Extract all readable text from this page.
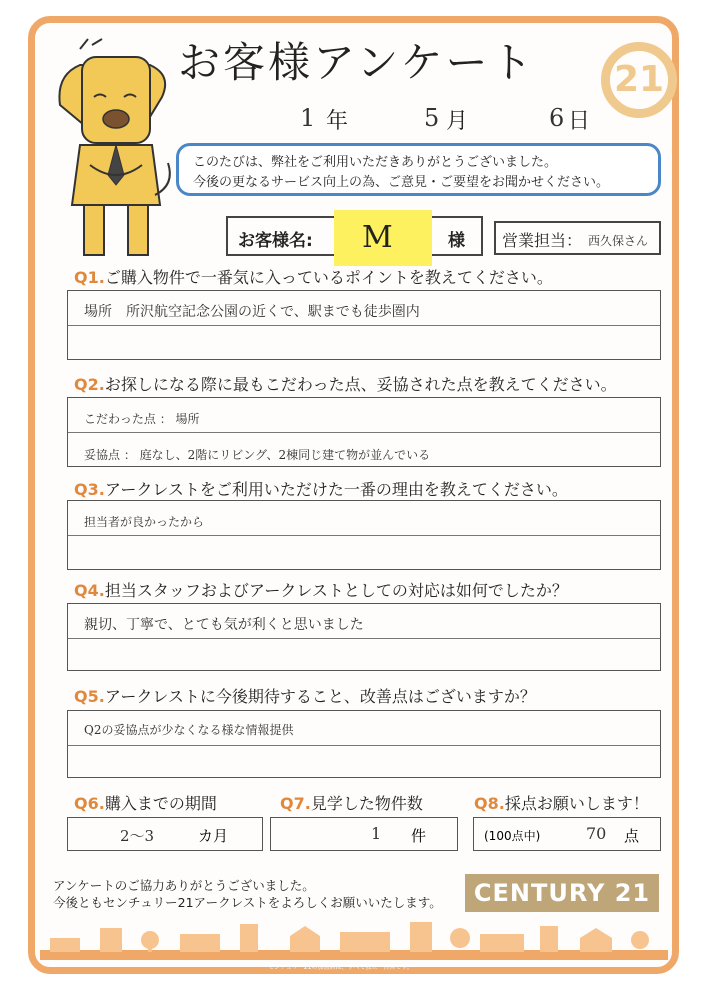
お客様アンケート 21
1 年	5 月	6 日
このたびは、弊社をご利用いただきありがとうございました。
今後の更なるサービス向上の為、ご意見・ご要望をお聞かせください。
お客様名: M	様 営業担当： 西久保さん
Q1.ご購入物件で一番気に入っているポイントを教えてください。
場所　所沢航空記念公園の近くで、駅までも徒歩圏内
Q2.お探しになる際に最もこだわった点、妥協された点を教えてください。
こだわった点 ： 場所
妥協点 ： 庭なし、2階にリビング、2棟同じ建て物が並んでいる
Q3.アークレストをご利用いただけた一番の理由を教えてください。
担当者が良かったから
Q4.担当スタッフおよびアークレストとしての対応は如何でしたか？
親切、丁寧で、とても気が利くと思いました
Q5.アークレストに今後期待すること、改善点はございますか？
Q2の妥協点が少なくなる様な情報提供
Q6.購入までの期間	Q7.見学した物件数	Q8.採点お願いします！
2～3	カ月	1 件	(100点中)	70 点
アンケートのご協力ありがとうございました。
今後ともセンチュリー21アークレストをよろしくお願いいたします。	CENTURY 21
センチュリー21の加盟店は、すべて独立・自営です。
